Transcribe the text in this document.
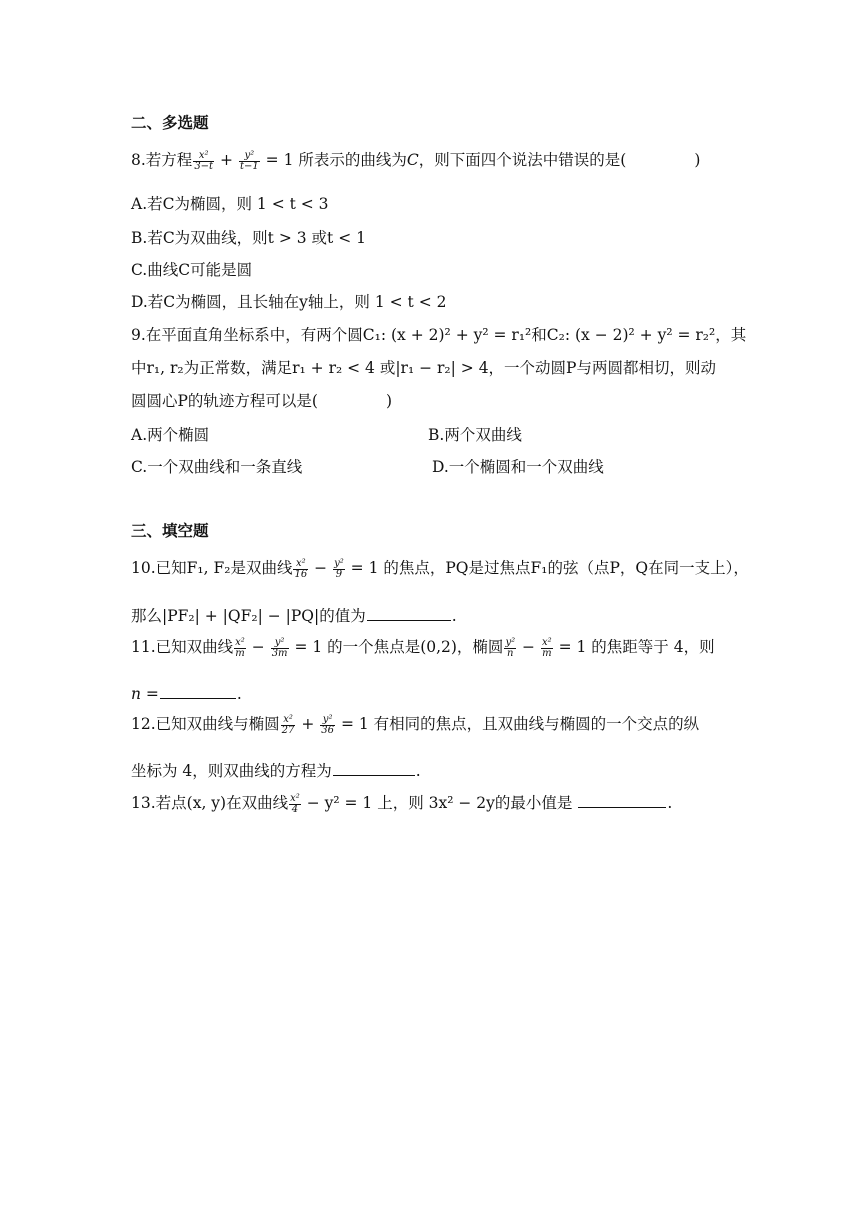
二、多选题
8.若方程 $\frac{\text{x²}}{3-t} + \frac{\text{y²}}{t-1} = 1$ 所表示的曲线为C，则下面四个说法中错误的是(	)
A.若C为椭圆，则 1 < t < 3
B.若C为双曲线，则t > 3 或t < 1
C.曲线C可能是圆
D.若C为椭圆，且长轴在y轴上，则 1 < t < 2
9.在平面直角坐标系中，有两个圆C₁: (x + 2)² + y² = r₁²和C₂: (x − 2)² + y² = r₂²，其
中r₁, r₂为正常数，满足r₁ + r₂ < 4 或|r₁ − r₂| > 4，一个动圆P与两圆都相切，则动
圆圆心P的轨迹方程可以是(	)
A.两个椭圆	B.两个双曲线
C.一个双曲线和一条直线	D.一个椭圆和一个双曲线
三、填空题
10.已知F₁, F₂是双曲线 $\frac{\text{x²}}{16} - \frac{\text{y²}}{9} = 1$ 的焦点，PQ是过焦点F₁的弦（点P，Q在同一支上），
那么|PF₂| + |QF₂| − |PQ|的值为	.
11.已知双曲线 $\frac{\text{x²}}{m} - \frac{\text{y²}}{3m} = 1$ 的一个焦点是(0,2)，椭圆 $\frac{\text{y²}}{n} - \frac{\text{x²}}{m} = 1$ 的焦距等于 4，则
n =	.
12.已知双曲线与椭圆 $\frac{\text{x²}}{27} + \frac{\text{y²}}{36} = 1$ 有相同的焦点，且双曲线与椭圆的一个交点的纵
坐标为 4，则双曲线的方程为	.
13.若点(x, y)在双曲线 $\frac{\text{x²}}{4} - y^2 = 1$ 上，则 3x² − 2y的最小值是	.
